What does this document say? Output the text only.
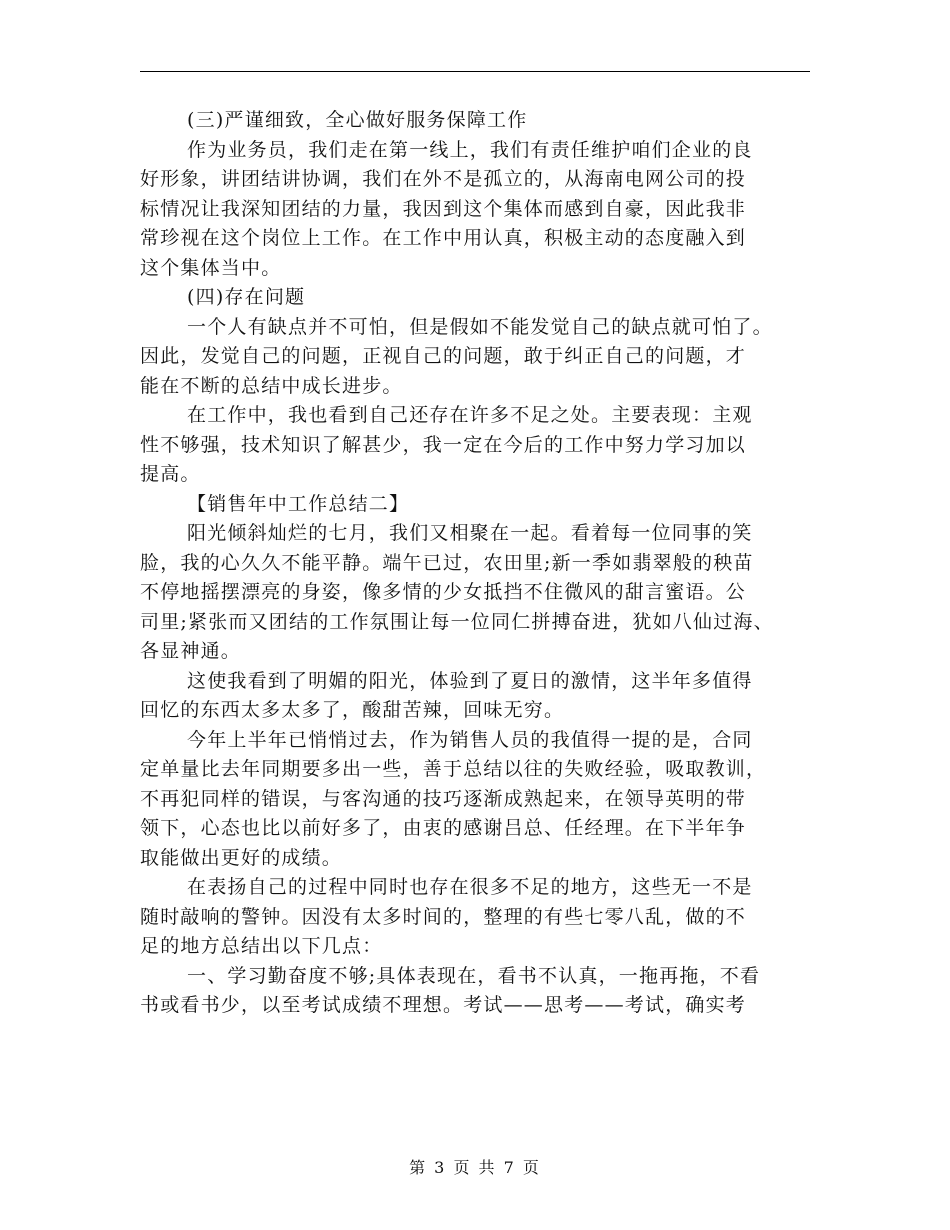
(三)严谨细致，全心做好服务保障工作
作为业务员，我们走在第一线上，我们有责任维护咱们企业的良
好形象，讲团结讲协调，我们在外不是孤立的，从海南电网公司的投
标情况让我深知团结的力量，我因到这个集体而感到自豪，因此我非
常珍视在这个岗位上工作。在工作中用认真，积极主动的态度融入到
这个集体当中。
(四)存在问题
一个人有缺点并不可怕，但是假如不能发觉自己的缺点就可怕了。
因此，发觉自己的问题，正视自己的问题，敢于纠正自己的问题，才
能在不断的总结中成长进步。
在工作中，我也看到自己还存在许多不足之处。主要表现：主观
性不够强，技术知识了解甚少，我一定在今后的工作中努力学习加以
提高。
【销售年中工作总结二】
阳光倾斜灿烂的七月，我们又相聚在一起。看着每一位同事的笑
脸，我的心久久不能平静。端午已过，农田里;新一季如翡翠般的秧苗
不停地摇摆漂亮的身姿，像多情的少女抵挡不住微风的甜言蜜语。公
司里;紧张而又团结的工作氛围让每一位同仁拼搏奋进，犹如八仙过海、
各显神通。
这使我看到了明媚的阳光，体验到了夏日的激情，这半年多值得
回忆的东西太多太多了，酸甜苦辣，回味无穷。
今年上半年已悄悄过去，作为销售人员的我值得一提的是，合同
定单量比去年同期要多出一些，善于总结以往的失败经验，吸取教训，
不再犯同样的错误，与客沟通的技巧逐渐成熟起来，在领导英明的带
领下，心态也比以前好多了，由衷的感谢吕总、任经理。在下半年争
取能做出更好的成绩。
在表扬自己的过程中同时也存在很多不足的地方，这些无一不是
随时敲响的警钟。因没有太多时间的，整理的有些七零八乱，做的不
足的地方总结出以下几点：
一、学习勤奋度不够;具体表现在，看书不认真，一拖再拖，不看
书或看书少，以至考试成绩不理想。考试——思考——考试，确实考
第 3 页 共 7 页
